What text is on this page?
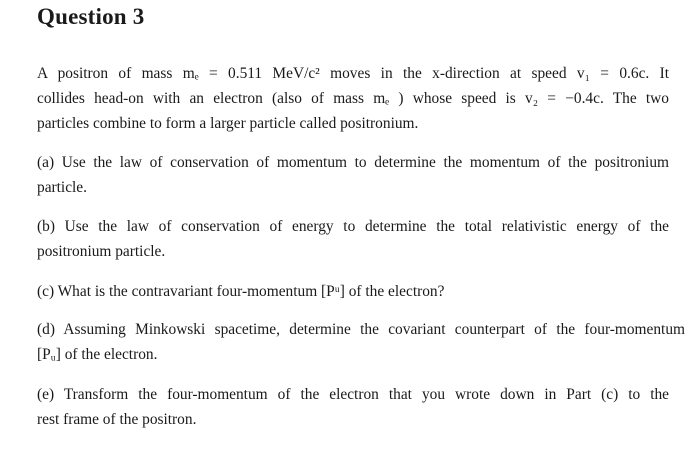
Question 3

A positron of mass mₑ = 0.511 MeV/c² moves in the x-direction at speed v₁ = 0.6c. It
collides head-on with an electron (also of mass mₑ ) whose speed is v₂ = −0.4c. The two
particles combine to form a larger particle called positronium.

(a) Use the law of conservation of momentum to determine the momentum of the positronium
particle.

(b) Use the law of conservation of energy to determine the total relativistic energy of the
positronium particle.

(c) What is the contravariant four-momentum [Pᵘ] of the electron?

(d) Assuming Minkowski spacetime, determine the covariant counterpart of the four-momentum
[Pᵤ] of the electron.

(e) Transform the four-momentum of the electron that you wrote down in Part (c) to the
rest frame of the positron.
